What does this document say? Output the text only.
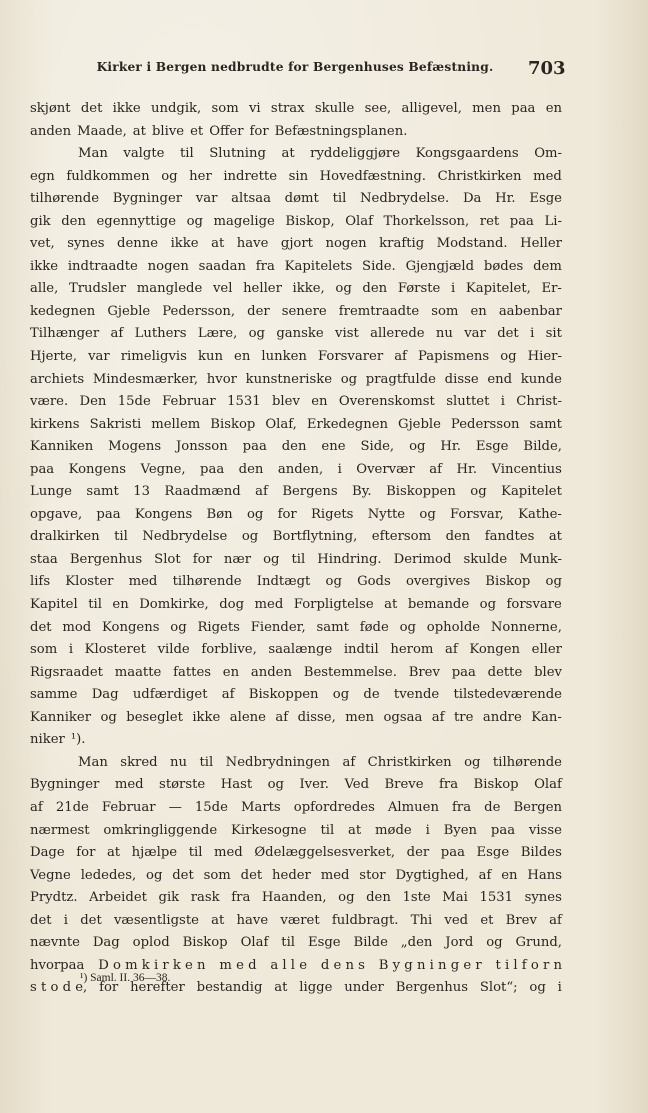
Kirker i Bergen nedbrudte for Bergenhuses Befæstning.	703
skjønt det ikke undgik, som vi strax skulle see, alligevel, men paa en
anden Maade, at blive et Offer for Befæstningsplanen.
Man valgte til Slutning at ryddeliggjøre Kongsgaardens Om-
egn fuldkommen og her indrette sin Hovedfæstning. Christkirken med
tilhørende Bygninger var altsaa dømt til Nedbrydelse. Da Hr. Esge
gik den egennyttige og magelige Biskop, Olaf Thorkelsson, ret paa Li-
vet, synes denne ikke at have gjort nogen kraftig Modstand. Heller
ikke indtraadte nogen saadan fra Kapitelets Side. Gjengjæld bødes dem
alle, Trudsler manglede vel heller ikke, og den Første i Kapitelet, Er-
kedegnen Gjeble Pedersson, der senere fremtraadte som en aabenbar
Tilhænger af Luthers Lære, og ganske vist allerede nu var det i sit
Hjerte, var rimeligvis kun en lunken Forsvarer af Papismens og Hier-
archiets Mindesmærker, hvor kunstneriske og pragtfulde disse end kunde
være. Den 15de Februar 1531 blev en Overenskomst sluttet i Christ-
kirkens Sakristi mellem Biskop Olaf, Erkedegnen Gjeble Pedersson samt
Kanniken Mogens Jonsson paa den ene Side, og Hr. Esge Bilde,
paa Kongens Vegne, paa den anden, i Overvær af Hr. Vincentius
Lunge samt 13 Raadmænd af Bergens By. Biskoppen og Kapitelet
opgave, paa Kongens Bøn og for Rigets Nytte og Forsvar, Kathe-
dralkirken til Nedbrydelse og Bortflytning, eftersom den fandtes at
staa Bergenhus Slot for nær og til Hindring. Derimod skulde Munk-
lifs Kloster med tilhørende Indtægt og Gods overgives Biskop og
Kapitel til en Domkirke, dog med Forpligtelse at bemande og forsvare
det mod Kongens og Rigets Fiender, samt føde og opholde Nonnerne,
som i Klosteret vilde forblive, saalænge indtil herom af Kongen eller
Rigsraadet maatte fattes en anden Bestemmelse. Brev paa dette blev
samme Dag udfærdiget af Biskoppen og de tvende tilstedeværende
Kanniker og beseglet ikke alene af disse, men ogsaa af tre andre Kan-
niker ¹).
Man skred nu til Nedbrydningen af Christkirken og tilhørende
Bygninger med største Hast og Iver. Ved Breve fra Biskop Olaf
af 21de Februar — 15de Marts opfordredes Almuen fra de Bergen
nærmest omkringliggende Kirkesogne til at møde i Byen paa visse
Dage for at hjælpe til med Ødelæggelsesverket, der paa Esge Bildes
Vegne lededes, og det som det heder med stor Dygtighed, af en Hans
Prydtz. Arbeidet gik rask fra Haanden, og den 1ste Mai 1531 synes
det i det væsentligste at have været fuldbragt. Thi ved et Brev af
nævnte Dag oplod Biskop Olaf til Esge Bilde „den Jord og Grund,
hvorpaa D o m k i r k e n m e d a l l e d e n s B y g n i n g e r t i l f o r n
s t o d e, for herefter bestandig at ligge under Bergenhus Slot“; og i
¹) Saml. II. 36—38.
